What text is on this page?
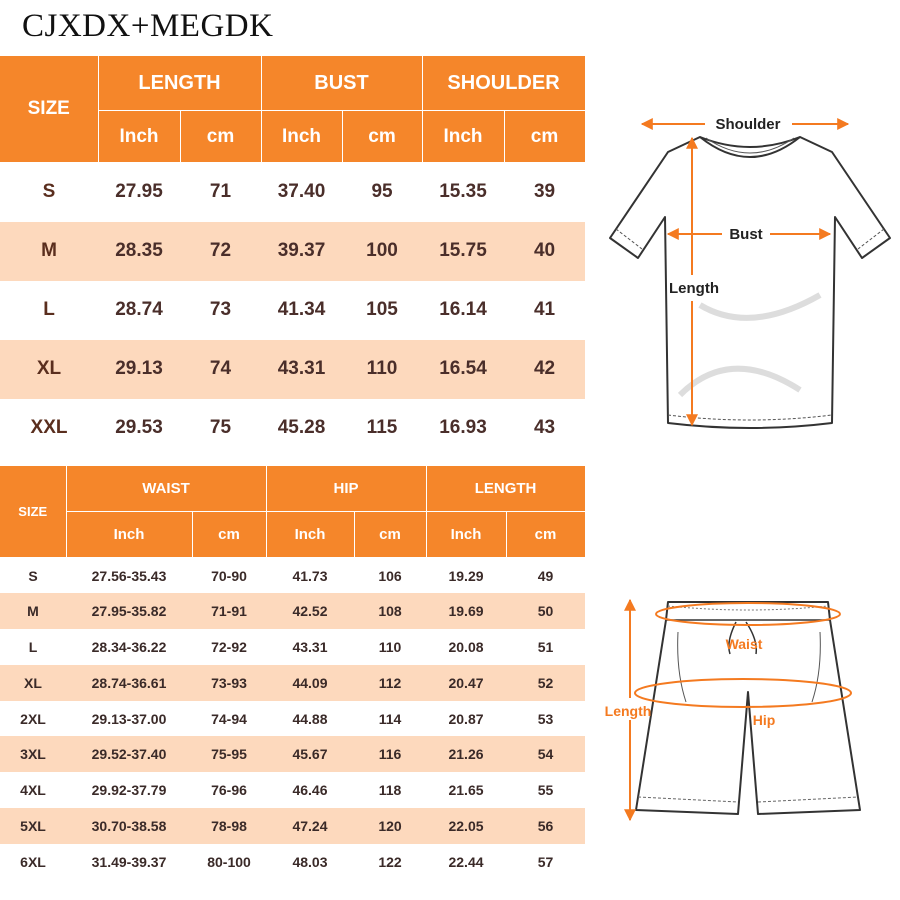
CJXDX+MEGDK
SIZE	LENGTH		BUST		SHOULDER	
	Inch	cm	Inch	cm	Inch	cm
S	27.95	71	37.40	95	15.35	39
M	28.35	72	39.37	100	15.75	40
L	28.74	73	41.34	105	16.14	41
XL	29.13	74	43.31	110	16.54	42
XXL	29.53	75	45.28	115	16.93	43
SIZE	WAIST		HIP		LENGTH	
	Inch	cm	Inch	cm	Inch	cm
S	27.56-35.43	70-90	41.73	106	19.29	49
M	27.95-35.82	71-91	42.52	108	19.69	50
L	28.34-36.22	72-92	43.31	110	20.08	51
XL	28.74-36.61	73-93	44.09	112	20.47	52
2XL	29.13-37.00	74-94	44.88	114	20.87	53
3XL	29.52-37.40	75-95	45.67	116	21.26	54
4XL	29.92-37.79	76-96	46.46	118	21.65	55
5XL	30.70-38.58	78-98	47.24	120	22.05	56
6XL	31.49-39.37	80-100	48.03	122	22.44	57
Shoulder
Bust
Length
Waist
Hip
Length
